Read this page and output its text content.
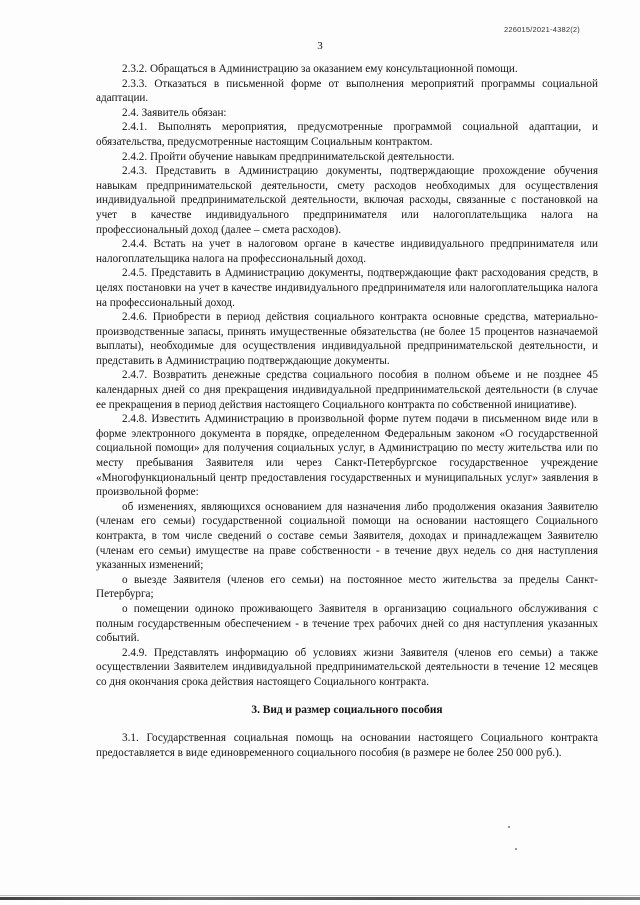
226015/2021-4382(2)
3

2.3.2. Обращаться в Администрацию за оказанием ему консультационной помощи.

2.3.3. Отказаться в письменной форме от выполнения мероприятий программы социальной адаптации.

2.4. Заявитель обязан:

2.4.1. Выполнять мероприятия, предусмотренные программой социальной адаптации, и обязательства, предусмотренные настоящим Социальным контрактом.

2.4.2. Пройти обучение навыкам предпринимательской деятельности.

2.4.3. Представить в Администрацию документы, подтверждающие прохождение обучения навыкам предпринимательской деятельности, смету расходов необходимых для осуществления индивидуальной предпринимательской деятельности, включая расходы, связанные с постановкой на учет в качестве индивидуального предпринимателя или налогоплательщика налога на профессиональный доход (далее – смета расходов).

2.4.4. Встать на учет в налоговом органе в качестве индивидуального предпринимателя или налогоплательщика налога на профессиональный доход.

2.4.5. Представить в Администрацию документы, подтверждающие факт расходования средств, в целях постановки на учет в качестве индивидуального предпринимателя или налогоплательщика налога на профессиональный доход.

2.4.6. Приобрести в период действия социального контракта основные средства, материально-производственные запасы, принять имущественные обязательства (не более 15 процентов назначаемой выплаты), необходимые для осуществления индивидуальной предпринимательской деятельности, и представить в Администрацию подтверждающие документы.

2.4.7. Возвратить денежные средства социального пособия в полном объеме и не позднее 45 календарных дней со дня прекращения индивидуальной предпринимательской деятельности (в случае ее прекращения в период действия настоящего Социального контракта по собственной инициативе).

2.4.8. Известить Администрацию в произвольной форме путем подачи в письменном виде или в форме электронного документа в порядке, определенном Федеральным законом «О государственной социальной помощи» для получения социальных услуг, в Администрацию по месту жительства или по месту пребывания Заявителя или через Санкт-Петербургское государственное учреждение «Многофункциональный центр предоставления государственных и муниципальных услуг» заявления в произвольной форме:

об изменениях, являющихся основанием для назначения либо продолжения оказания Заявителю (членам его семьи) государственной социальной помощи на основании настоящего Социального контракта, в том числе сведений о составе семьи Заявителя, доходах и принадлежащем Заявителю (членам его семьи) имуществе на праве собственности - в течение двух недель со дня наступления указанных изменений;

о выезде Заявителя (членов его семьи) на постоянное место жительства за пределы Санкт-Петербурга;

о помещении одиноко проживающего Заявителя в организацию социального обслуживания с полным государственным обеспечением - в течение трех рабочих дней со дня наступления указанных событий.

2.4.9. Представлять информацию об условиях жизни Заявителя (членов его семьи) а также осуществлении Заявителем индивидуальной предпринимательской деятельности в течение 12 месяцев со дня окончания срока действия настоящего Социального контракта.

3. Вид и размер социального пособия

3.1. Государственная социальная помощь на основании настоящего Социального контракта предоставляется в виде единовременного социального пособия (в размере не более 250 000 руб.).
